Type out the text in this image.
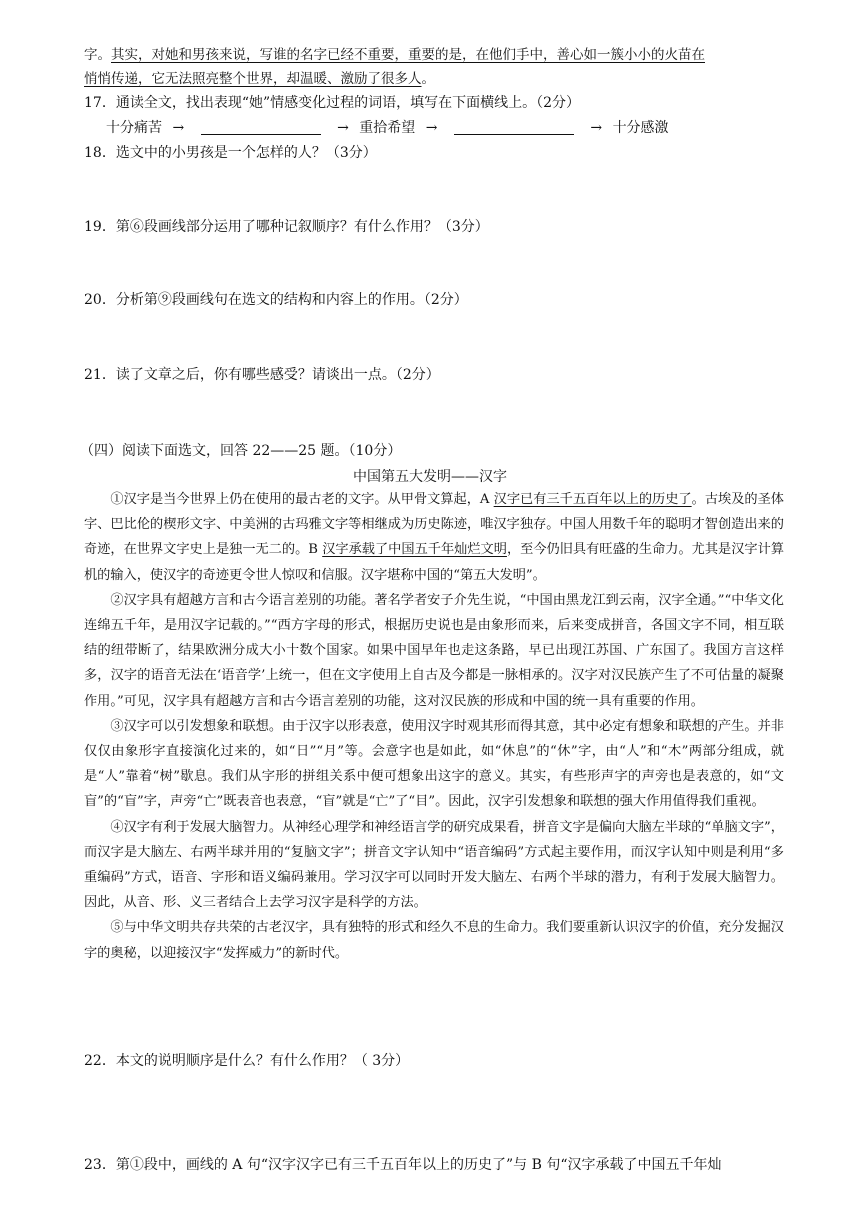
字。其实，对她和男孩来说，写谁的名字已经不重要，重要的是，在他们手中，善心如一簇小小的火苗在
悄悄传递，它无法照亮整个世界，却温暖、激励了很多人。
17．通读全文，找出表现“她”情感变化过程的词语，填写在下面横线上。（2分）
十分痛苦 →	→ 重拾希望 →	→ 十分感激
18．选文中的小男孩是一个怎样的人？（3分）
19．第⑥段画线部分运用了哪种记叙顺序？有什么作用？（3分）
20．分析第⑨段画线句在选文的结构和内容上的作用。（2分）
21．读了文章之后，你有哪些感受？请谈出一点。（2分）
（四）阅读下面选文，回答 22——25 题。（10分）
中国第五大发明——汉字

①汉字是当今世界上仍在使用的最古老的文字。从甲骨文算起，A 汉字已有三千五百年以上的历史了。古埃及的圣体字、巴比伦的楔形文字、中美洲的古玛雅文字等相继成为历史陈迹，唯汉字独存。中国人用数千年的聪明才智创造出来的奇迹，在世界文字史上是独一无二的。B 汉字承载了中国五千年灿烂文明，至今仍旧具有旺盛的生命力。尤其是汉字计算机的输入，使汉字的奇迹更令世人惊叹和信服。汉字堪称中国的“第五大发明”。

②汉字具有超越方言和古今语言差别的功能。著名学者安子介先生说，“中国由黑龙江到云南，汉字全通。”“中华文化连绵五千年，是用汉字记载的。”“西方字母的形式，根据历史说也是由象形而来，后来变成拼音，各国文字不同，相互联结的纽带断了，结果欧洲分成大小十数个国家。如果中国早年也走这条路，早已出现江苏国、广东国了。我国方言这样多，汉字的语音无法在‘语音学’上统一，但在文字使用上自古及今都是一脉相承的。汉字对汉民族产生了不可估量的凝聚作用。”可见，汉字具有超越方言和古今语言差别的功能，这对汉民族的形成和中国的统一具有重要的作用。

③汉字可以引发想象和联想。由于汉字以形表意，使用汉字时观其形而得其意，其中必定有想象和联想的产生。并非仅仅由象形字直接演化过来的，如“日”“月”等。会意字也是如此，如“休息”的“休”字，由“人”和“木”两部分组成，就是“人”靠着“树”歇息。我们从字形的拼组关系中便可想象出这字的意义。其实，有些形声字的声旁也是表意的，如“文盲”的“盲”字，声旁“亡”既表音也表意，“盲”就是“亡”了“目”。因此，汉字引发想象和联想的强大作用值得我们重视。

④汉字有利于发展大脑智力。从神经心理学和神经语言学的研究成果看，拼音文字是偏向大脑左半球的“单脑文字”，而汉字是大脑左、右两半球并用的“复脑文字”；拼音文字认知中“语音编码”方式起主要作用，而汉字认知中则是利用“多重编码”方式，语音、字形和语义编码兼用。学习汉字可以同时开发大脑左、右两个半球的潜力，有利于发展大脑智力。因此，从音、形、义三者结合上去学习汉字是科学的方法。

⑤与中华文明共存共荣的古老汉字，具有独特的形式和经久不息的生命力。我们要重新认识汉字的价值，充分发掘汉字的奥秘，以迎接汉字“发挥威力”的新时代。

22．本文的说明顺序是什么？有什么作用？（ 3分）
23．第①段中，画线的 A 句“汉字汉字已有三千五百年以上的历史了”与 B 句“汉字承载了中国五千年灿
